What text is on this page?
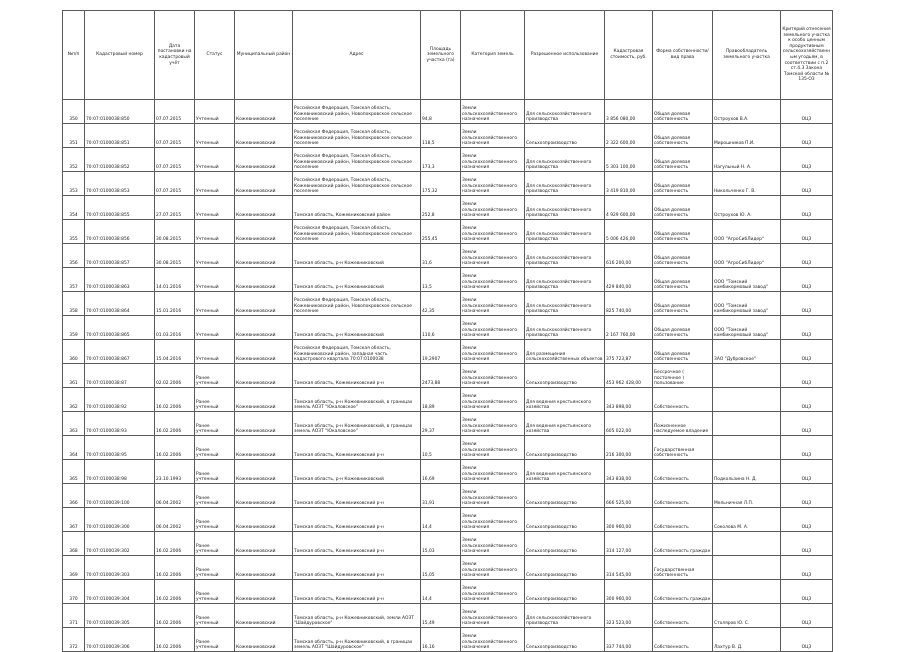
№п/п	Кадастровый номер	Дата постановки на кадастровый учёт	Статус	Муниципальный район	Адрес	Площадь земельного участка (га)	Категория земель	Разрешенное использование	Кадастровая стоимость, руб.	Форма собственности/вид права	Правообладатель земельного участка	Критерий отнесения земельного участка к особо ценным продуктивным сельскохозяйственным угодьям, в соответствии с п.2 ст.4.3 Закона Томской области № 135-ОЗ
350	70:07:0100038:850	07.07.2015	Учтенный	Кожевниковский	Российская Федерация, Томская область, Кожевниковский район, Новопокровское сельское поселение	94,8	Земли сельскохозяйственного назначения	Для сельскохозяйственного производства	3 856 080,00	Общая долевая собственность	Остроухов В.А.	ОЦЗ
351	70:07:0100038:851	07.07.2015	Учтенный	Кожевниковский	Российская Федерация, Томская область, Кожевниковский район, Новопокровское сельское поселение	118,5	Земли сельскохозяйственного назначения	Сельхозпроизводство	2 322 600,00	Общая долевая собственность	Мирошников П.И.	ОЦЗ
352	70:07:0100038:852	07.07.2015	Учтенный	Кожевниковский	Российская Федерация, Томская область, Кожевниковский район, Новопокровское сельское поселение	173,3	Земли сельскохозяйственного назначения	Для сельскохозяйственного производства	5 303 100,00	Общая долевая собственность	Нагульный Н. А.	ОЦЗ
353	70:07:0100038:853	07.07.2015	Учтенный	Кожевниковский	Российская Федерация, Томская область, Кожевниковский район, Новопокровское сельское поселение	175,32	Земли сельскохозяйственного назначения	Для сельскохозяйственного производства	3 419 810,00	Общая долевая собственность	Никольченко Г. В.	ОЦЗ
354	70:07:0100038:855	27.07.2015	Учтенный	Кожевниковский	Томская область, Кожевниковский район	252,8	Земли сельскохозяйственного назначения	Для сельскохозяйственного производства	4 929 600,00	Общая долевая собственность	Остроухов Ю. А.	ОЦЗ
355	70:07:0100038:856	30.08.2015	Учтенный	Кожевниковский	Российская Федерация, Томская область, Кожевниковский район, Новопокровское сельское поселение	255,45	Земли сельскохозяйственного назначения	Для сельскохозяйственного производства	5 006 426,00	Общая долевая собственность	ООО "АгроСибЛидер"	ОЦЗ
356	70:07:0100038:857	30.08.2015	Учтенный	Кожевниковский	Томская область, р-н Кожевниковский	31,6	Земли сельскохозяйственного назначения	Для сельскохозяйственного производства	616 200,00	Общая долевая собственность	ООО "АгроСибЛидер"	ОЦЗ
357	70:07:0100038:863	14.01.2016	Учтенный	Кожевниковский	Томская область, р-н Кожевниковский	13,5	Земли сельскохозяйственного назначения	Для сельскохозяйственного производства	429 840,00	Общая долевая собственность	ООО "Томский комбикормовый завод"	ОЦЗ
358	70:07:0100038:864	15.01.2016	Учтенный	Кожевниковский	Российская Федерация, Томская область, Кожевниковский район, Новопокровское сельское поселение	42,35	Земли сельскохозяйственного назначения	Для сельскохозяйственного производства	825 740,00	Общая долевая собственность	ООО "Томский комбикормовый завод"	ОЦЗ
359	70:07:0100038:865	01.03.2016	Учтенный	Кожевниковский	Томская область, р-н Кожевниковский	110,6	Земли сельскохозяйственного назначения	Для сельскохозяйственного производства	2 167 760,00	Общая долевая собственность	ООО "Томский комбикормовый завод"	ОЦЗ
360	70:07:0100038:867	15.04.2016	Учтенный	Кожевниковский	Российская Федерация, Томская область, Кожевниковский район, западная часть кадастрового квартала 70:07:0100038	19,2907	Земли сельскохозяйственного назначения	Для размещения сельскохозяйственных объектов	375 723,87	Общая долевая собственность	ЗАО "Дубровское"	ОЦЗ
361	70:07:0100038:87	02.02.2006	Ранее учтенный	Кожевниковский	Томская область, Кожевниковский р-н	2473,88	Земли сельскохозяйственного назначения	Сельхозпроизводство	453 962 428,00	Бессрочное ( постоянное ) пользование		ОЦЗ
362	70:07:0100038:92	16.02.2006	Ранее учтенный	Кожевниковский	Томская область, р-н Кожевниковский, в границах земель АОЗТ "Юкаловское"	18,89	Земли сельскохозяйственного назначения	Для ведения крестьянского хозяйства	343 898,00	Собственность		ОЦЗ
363	70:07:0100038:93	16.02.2006	Ранее учтенный	Кожевниковский	Томская область, р-н Кожевниковский, в границах земель АОЗТ "Юкаловское"	29,37	Земли сельскохозяйственного назначения	Для ведения крестьянского хозяйства	605 022,00	Пожизненное наследуемое владение		ОЦЗ
364	70:07:0100038:95	16.02.2006	Ранее учтенный	Кожевниковский	Томская область, Кожевниковский р-н	10,5	Земли сельскохозяйственного назначения	Сельхозпроизводство	216 300,00	Государственная собственность		ОЦЗ
365	70:07:0100038:98	23.10.1993	Ранее учтенный	Кожевниковский	Томская область, р-н Кожевниковский	16,69	Земли сельскохозяйственного назначения	Для ведения крестьянского хозяйства	343 838,00	Собственность	Подкользина Н. Д.	ОЦЗ
366	70:07:0100039:100	06.04.2002	Ранее учтенный	Кожевниковский	Томская область, Кожевниковский р-н	31,91	Земли сельскохозяйственного назначения	Сельхозпроизводство	666 525,00	Собственность	Мельничная Л.П.	ОЦЗ
367	70:07:0100039:300	06.04.2002	Ранее учтенный	Кожевниковский	Томская область, Кожевниковский р-н	14,4	Земли сельскохозяйственного назначения	Сельхозпроизводство	300 960,00	Собственность	Соколова М. А.	ОЦЗ
368	70:07:0100039:302	16.02.2006	Ранее учтенный	Кожевниковский	Томская область, Кожевниковский р-н	15,03	Земли сельскохозяйственного назначения	Сельхозпроизводство	314 127,00	Собственность граждан		ОЦЗ
369	70:07:0100039:303	16.02.2006	Ранее учтенный	Кожевниковский	Томская область, Кожевниковский р-н	15,05	Земли сельскохозяйственного назначения	Сельхозпроизводство	314 545,00	Государственная собственность		ОЦЗ
370	70:07:0100039:304	16.02.2006	Ранее учтенный	Кожевниковский	Томская область, Кожевниковский р-н	14,4	Земли сельскохозяйственного назначения	Сельхозпроизводство	300 960,00	Собственность граждан		ОЦЗ
371	70:07:0100039:305	16.02.2006	Ранее учтенный	Кожевниковский	Томская область, р-н Кожевниковский, земли АОЗТ "Шайдуровское"	15,49	Земли сельскохозяйственного назначения	Для сельскохозяйственного производства	323 523,00	Собственность	Столяров Ю. С.	ОЦЗ
372	70:07:0100039:306	16.02.2006	Ранее учтенный	Кожевниковский	Томская область, р-н Кожевниковский, в границах земель АОЗТ "Шайдуровское"	16,16	Земли сельскохозяйственного назначения	Сельхозпроизводство	337 744,00	Собственность	Лахтур В. Д.	ОЦЗ
